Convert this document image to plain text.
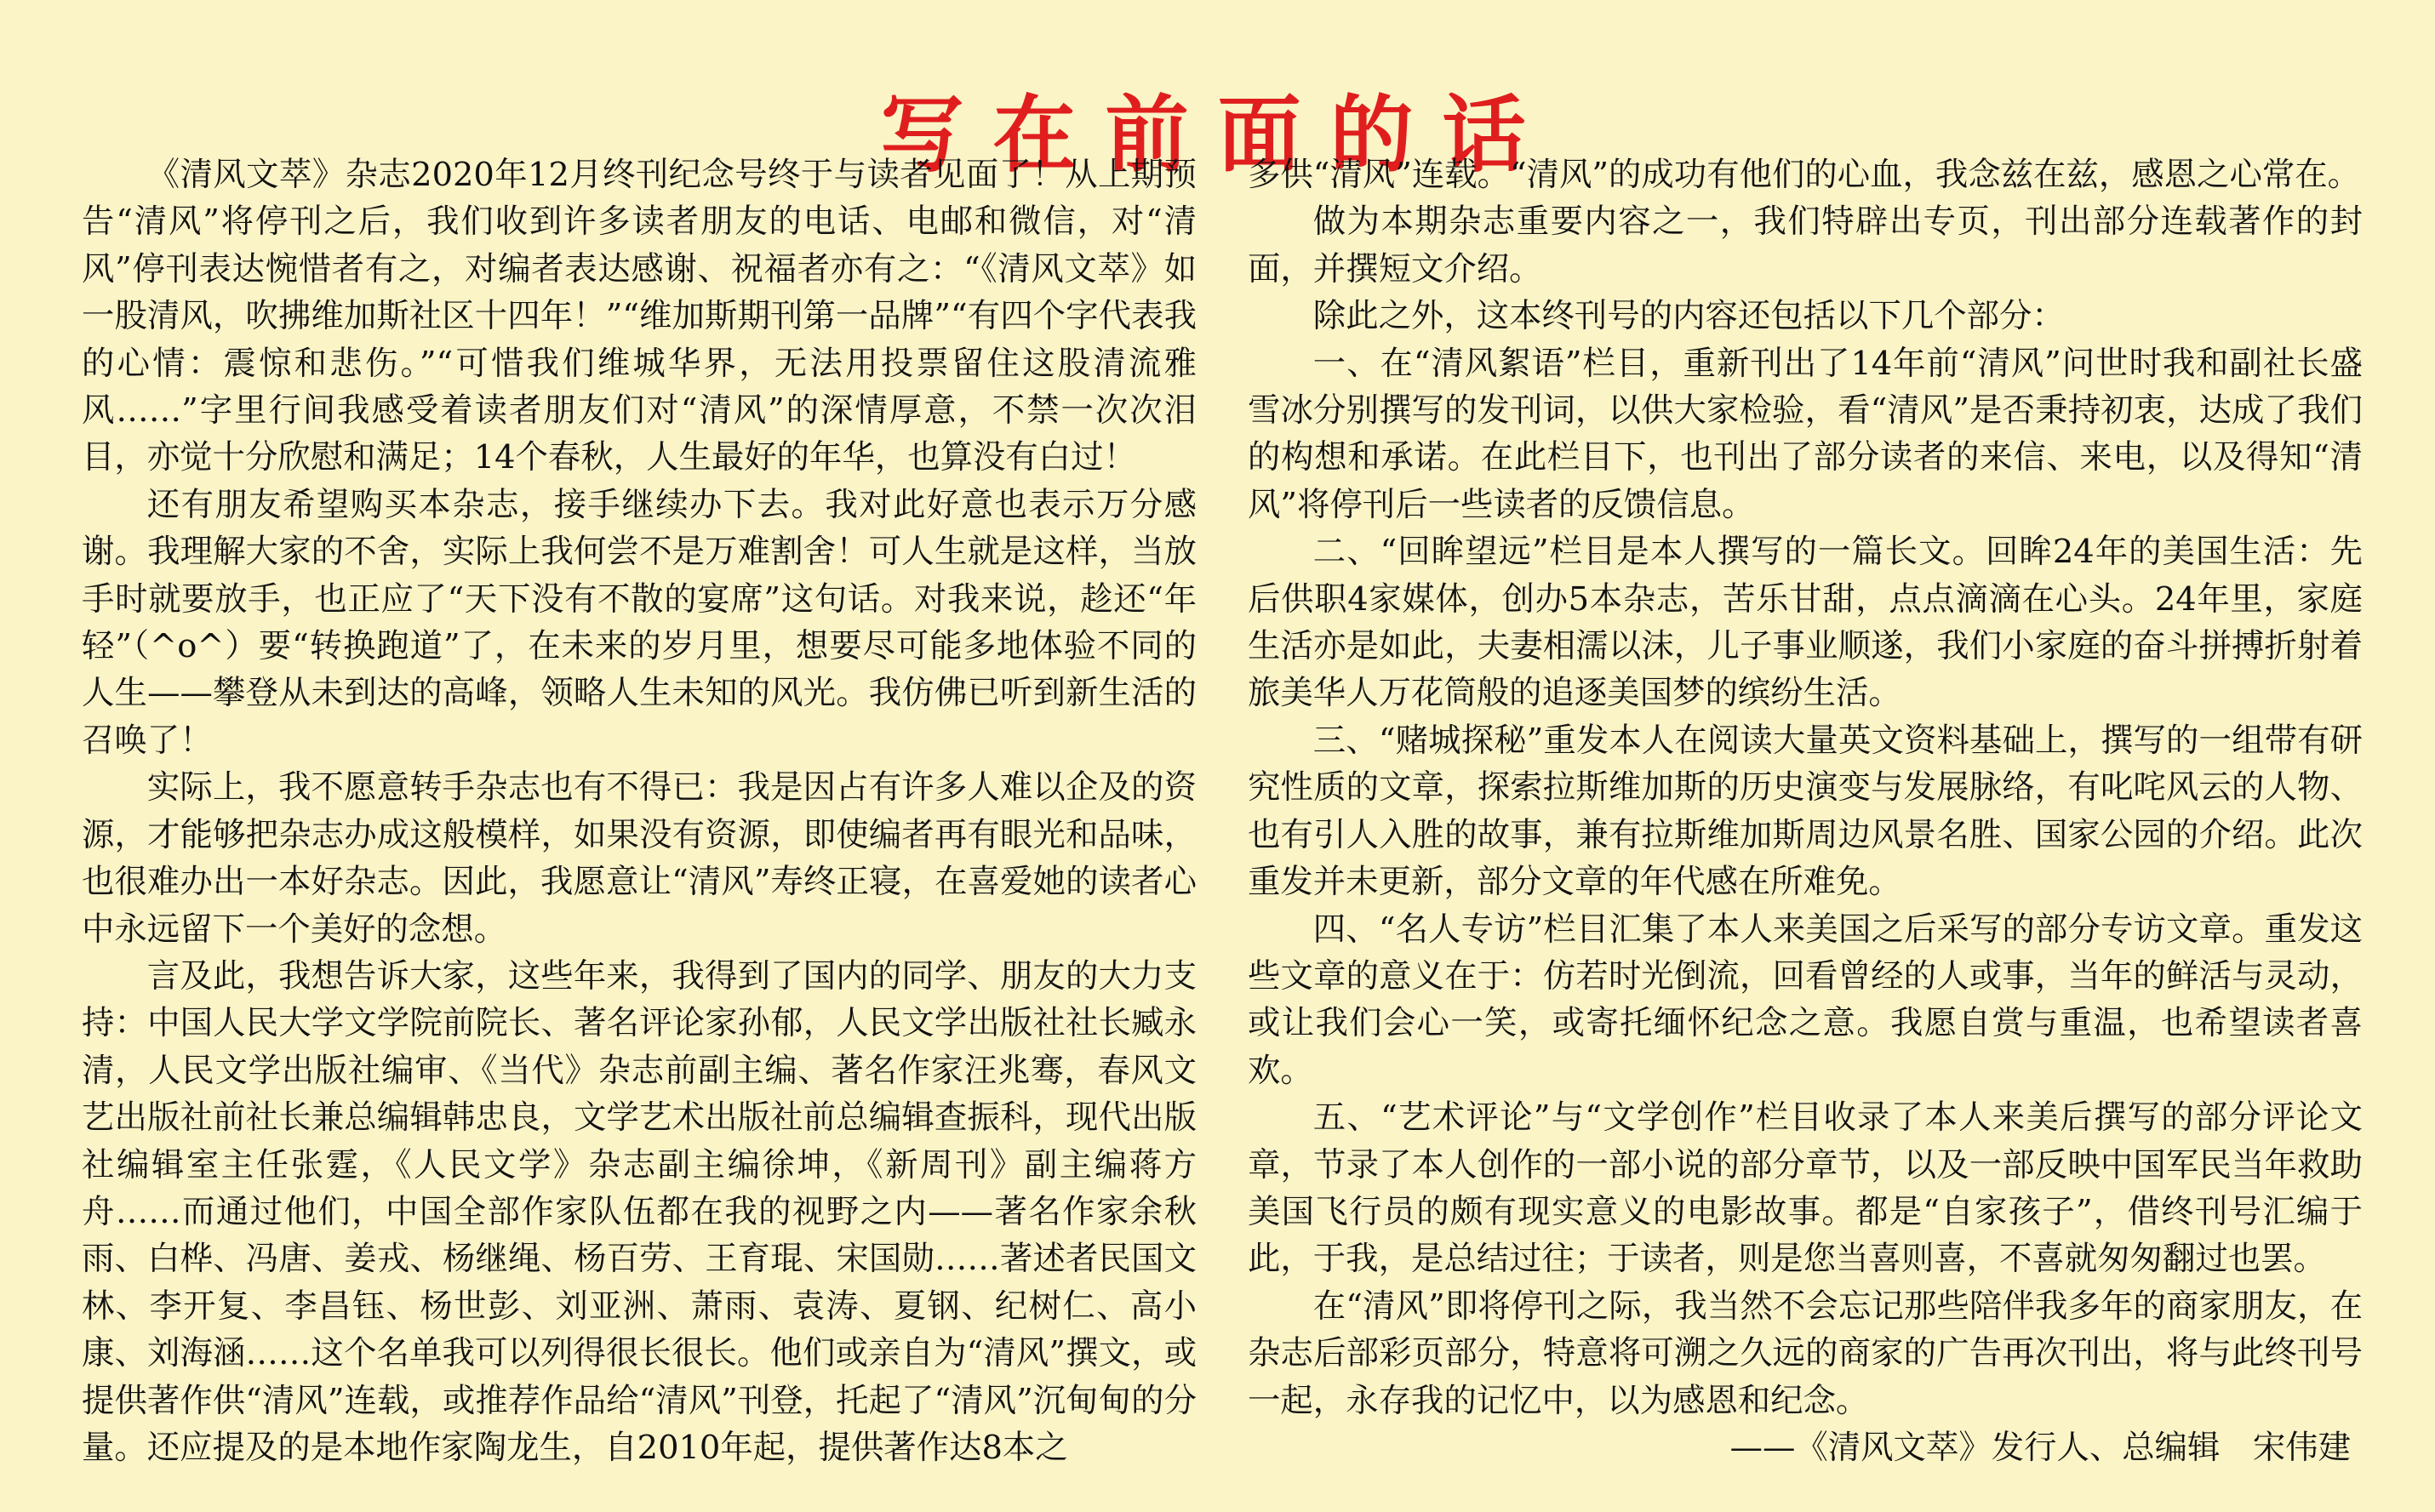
写在前面的话

《清风文萃》杂志2020年12月终刊纪念号终于与读者见面了！从上期预告“清风”将停刊之后，我们收到许多读者朋友的电话、电邮和微信，对“清风”停刊表达惋惜者有之，对编者表达感谢、祝福者亦有之：“《清风文萃》如一股清风，吹拂维加斯社区十四年！”“维加斯期刊第一品牌”“有四个字代表我的心情：震惊和悲伤。”“可惜我们维城华界，无法用投票留住这股清流雅风……”字里行间我感受着读者朋友们对“清风”的深情厚意，不禁一次次泪目，亦觉十分欣慰和满足；14个春秋，人生最好的年华，也算没有白过！

还有朋友希望购买本杂志，接手继续办下去。我对此好意也表示万分感谢。我理解大家的不舍，实际上我何尝不是万难割舍！可人生就是这样，当放手时就要放手，也正应了“天下没有不散的宴席”这句话。对我来说，趁还“年轻”（^o^）要“转换跑道”了，在未来的岁月里，想要尽可能多地体验不同的人生——攀登从未到达的高峰，领略人生未知的风光。我仿佛已听到新生活的召唤了！

实际上，我不愿意转手杂志也有不得已：我是因占有许多人难以企及的资源，才能够把杂志办成这般模样，如果没有资源，即使编者再有眼光和品味，也很难办出一本好杂志。因此，我愿意让“清风”寿终正寝，在喜爱她的读者心中永远留下一个美好的念想。

言及此，我想告诉大家，这些年来，我得到了国内的同学、朋友的大力支持：中国人民大学文学院前院长、著名评论家孙郁，人民文学出版社社长臧永清，人民文学出版社编审、《当代》杂志前副主编、著名作家汪兆骞，春风文艺出版社前社长兼总编辑韩忠良，文学艺术出版社前总编辑查振科，现代出版社编辑室主任张霆，《人民文学》杂志副主编徐坤，《新周刊》副主编蒋方舟……而通过他们，中国全部作家队伍都在我的视野之内——著名作家余秋雨、白桦、冯唐、姜戎、杨继绳、杨百劳、王育琨、宋国勋……著述者民国文林、李开复、李昌钰、杨世彭、刘亚洲、萧雨、袁涛、夏钢、纪树仁、高小康、刘海涵……这个名单我可以列得很长很长。他们或亲自为“清风”撰文，或提供著作供“清风”连载，或推荐作品给“清风”刊登，托起了“清风”沉甸甸的分量。还应提及的是本地作家陶龙生，自2010年起，提供著作达8本之

多供“清风”连载。“清风”的成功有他们的心血，我念兹在兹，感恩之心常在。

做为本期杂志重要内容之一，我们特辟出专页，刊出部分连载著作的封面，并撰短文介绍。

除此之外，这本终刊号的内容还包括以下几个部分：

一、在“清风絮语”栏目，重新刊出了14年前“清风”问世时我和副社长盛雪冰分别撰写的发刊词，以供大家检验，看“清风”是否秉持初衷，达成了我们的构想和承诺。在此栏目下，也刊出了部分读者的来信、来电，以及得知“清风”将停刊后一些读者的反馈信息。

二、“回眸望远”栏目是本人撰写的一篇长文。回眸24年的美国生活：先后供职4家媒体，创办5本杂志，苦乐甘甜，点点滴滴在心头。24年里，家庭生活亦是如此，夫妻相濡以沫，儿子事业顺遂，我们小家庭的奋斗拼搏折射着旅美华人万花筒般的追逐美国梦的缤纷生活。

三、“赌城探秘”重发本人在阅读大量英文资料基础上，撰写的一组带有研究性质的文章，探索拉斯维加斯的历史演变与发展脉络，有叱咤风云的人物、也有引人入胜的故事，兼有拉斯维加斯周边风景名胜、国家公园的介绍。此次重发并未更新，部分文章的年代感在所难免。

四、“名人专访”栏目汇集了本人来美国之后采写的部分专访文章。重发这些文章的意义在于：仿若时光倒流，回看曾经的人或事，当年的鲜活与灵动，或让我们会心一笑，或寄托缅怀纪念之意。我愿自赏与重温，也希望读者喜欢。

五、“艺术评论”与“文学创作”栏目收录了本人来美后撰写的部分评论文章，节录了本人创作的一部小说的部分章节，以及一部反映中国军民当年救助美国飞行员的颇有现实意义的电影故事。都是“自家孩子”，借终刊号汇编于此，于我，是总结过往；于读者，则是您当喜则喜，不喜就匆匆翻过也罢。

在“清风”即将停刊之际，我当然不会忘记那些陪伴我多年的商家朋友，在杂志后部彩页部分，特意将可溯之久远的商家的广告再次刊出，将与此终刊号一起，永存我的记忆中，以为感恩和纪念。

——《清风文萃》发行人、总编辑　宋伟建
